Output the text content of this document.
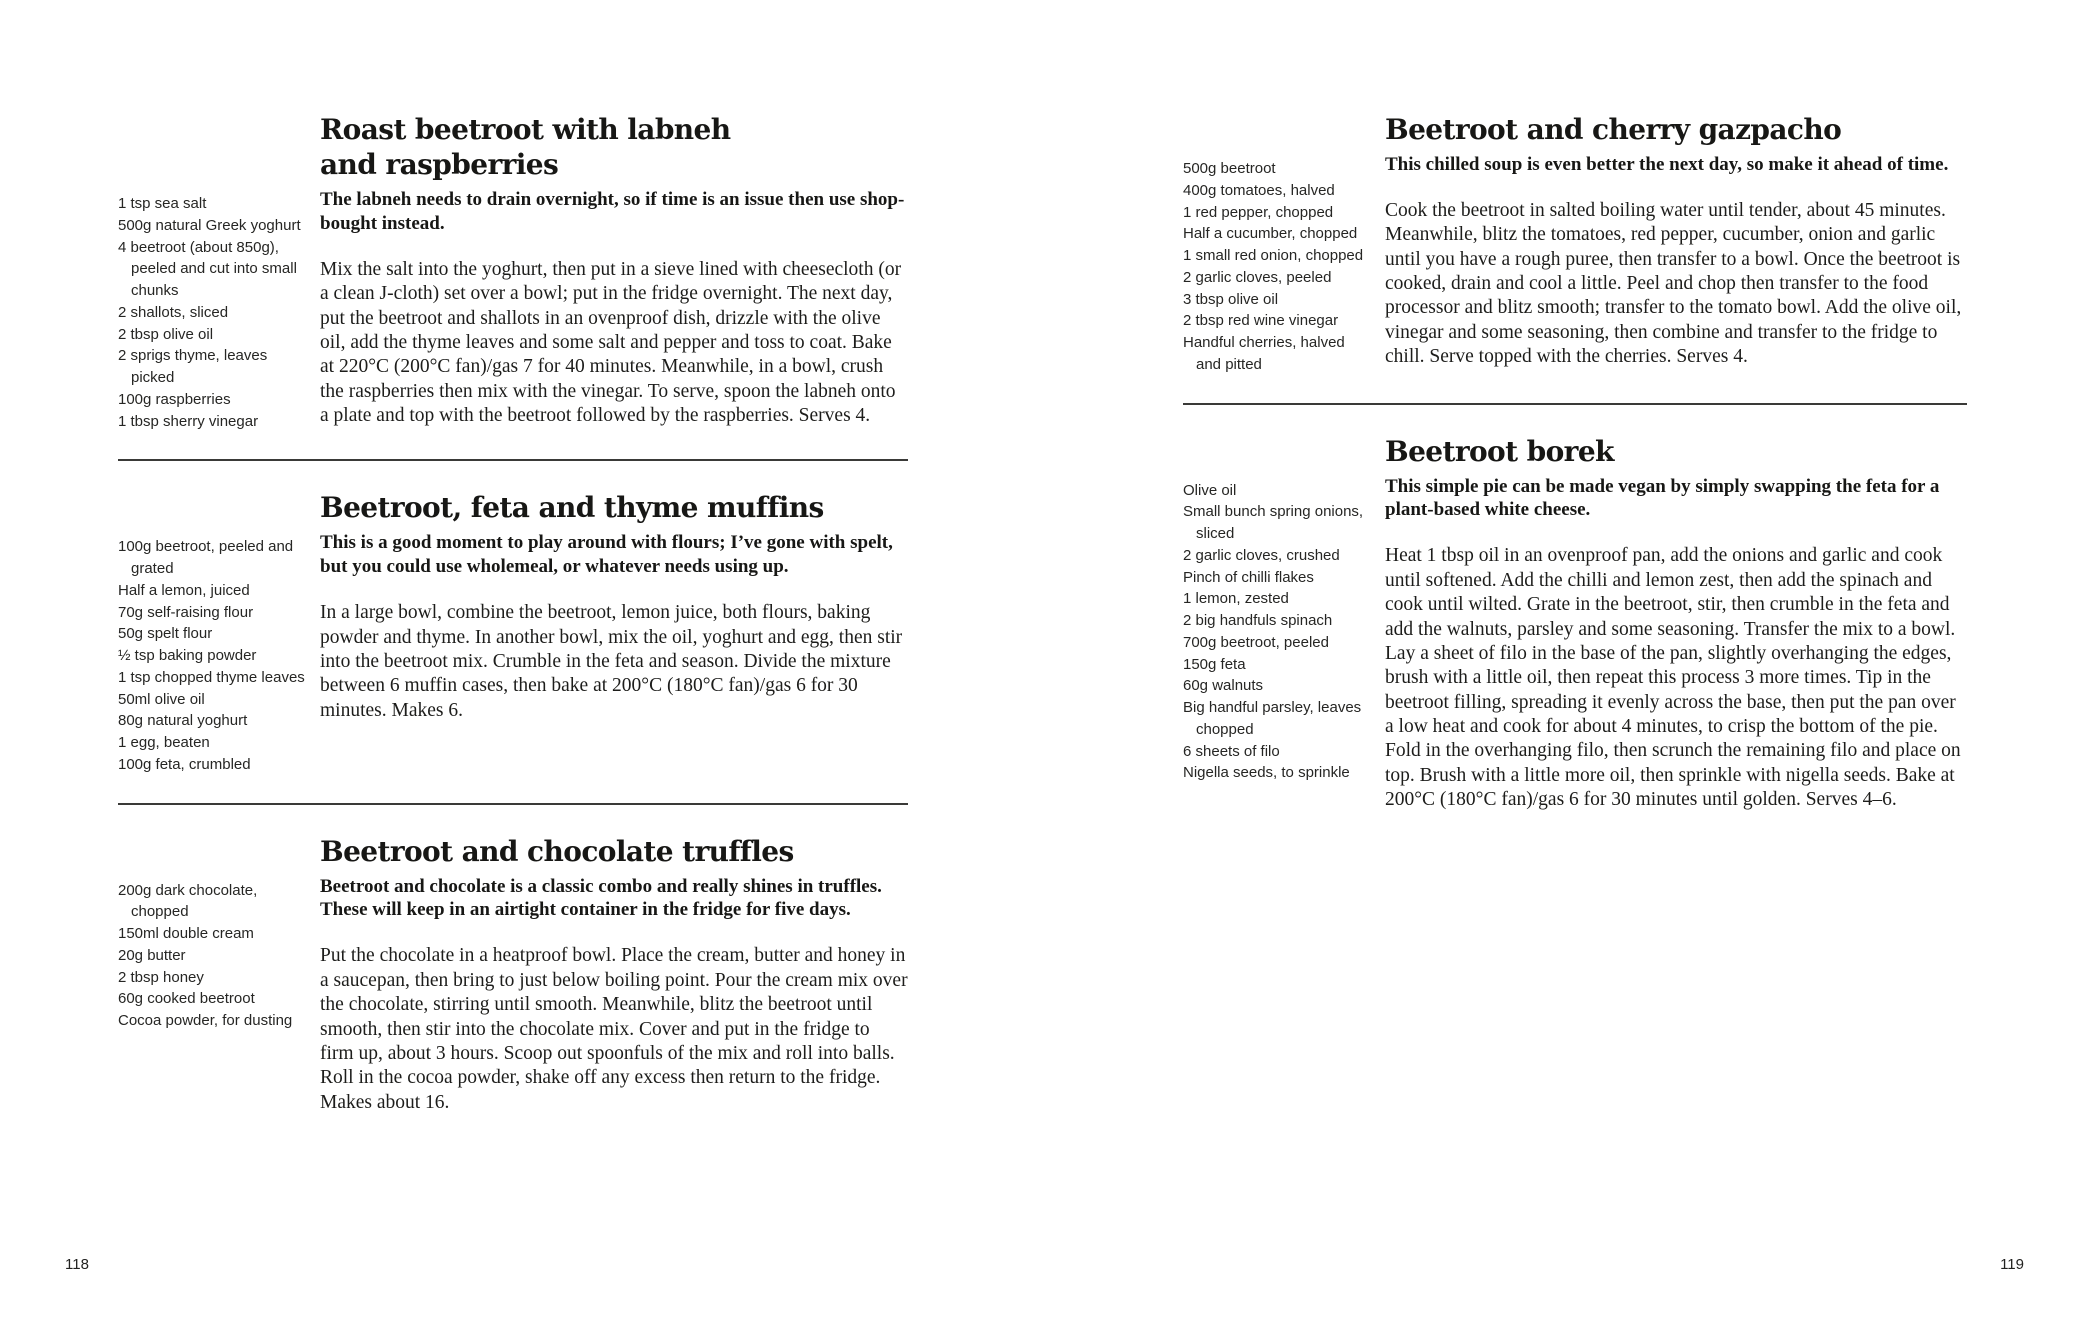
Roast beetroot with labneh
and raspberries
1 tsp sea salt
500g natural Greek yoghurt
4 beetroot (about 850g), peeled and cut into small chunks
2 shallots, sliced
2 tbsp olive oil
2 sprigs thyme, leaves picked
100g raspberries
1 tbsp sherry vinegar

The labneh needs to drain overnight, so if time is an issue then use shop-bought instead.

Mix the salt into the yoghurt, then put in a sieve lined with cheesecloth (or a clean J-cloth) set over a bowl; put in the fridge overnight. The next day, put the beetroot and shallots in an ovenproof dish, drizzle with the olive oil, add the thyme leaves and some salt and pepper and toss to coat. Bake at 220°C (200°C fan)/gas 7 for 40 minutes. Meanwhile, in a bowl, crush the raspberries then mix with the vinegar. To serve, spoon the labneh onto a plate and top with the beetroot followed by the raspberries. Serves 4.

Beetroot, feta and thyme muffins
100g beetroot, peeled and grated
Half a lemon, juiced
70g self-raising flour
50g spelt flour
½ tsp baking powder
1 tsp chopped thyme leaves
50ml olive oil
80g natural yoghurt
1 egg, beaten
100g feta, crumbled

This is a good moment to play around with flours; I’ve gone with spelt, but you could use wholemeal, or whatever needs using up.

In a large bowl, combine the beetroot, lemon juice, both flours, baking powder and thyme. In another bowl, mix the oil, yoghurt and egg, then stir into the beetroot mix. Crumble in the feta and season. Divide the mixture between 6 muffin cases, then bake at 200°C (180°C fan)/gas 6 for 30 minutes. Makes 6.

Beetroot and chocolate truffles
200g dark chocolate, chopped
150ml double cream
20g butter
2 tbsp honey
60g cooked beetroot
Cocoa powder, for dusting

Beetroot and chocolate is a classic combo and really shines in truffles. These will keep in an airtight container in the fridge for five days.

Put the chocolate in a heatproof bowl. Place the cream, butter and honey in a saucepan, then bring to just below boiling point. Pour the cream mix over the chocolate, stirring until smooth. Meanwhile, blitz the beetroot until smooth, then stir into the chocolate mix. Cover and put in the fridge to firm up, about 3 hours. Scoop out spoonfuls of the mix and roll into balls. Roll in the cocoa powder, shake off any excess then return to the fridge. Makes about 16.

Beetroot and cherry gazpacho
500g beetroot
400g tomatoes, halved
1 red pepper, chopped
Half a cucumber, chopped
1 small red onion, chopped
2 garlic cloves, peeled
3 tbsp olive oil
2 tbsp red wine vinegar
Handful cherries, halved and pitted

This chilled soup is even better the next day, so make it ahead of time.

Cook the beetroot in salted boiling water until tender, about 45 minutes. Meanwhile, blitz the tomatoes, red pepper, cucumber, onion and garlic until you have a rough puree, then transfer to a bowl. Once the beetroot is cooked, drain and cool a little. Peel and chop then transfer to the food processor and blitz smooth; transfer to the tomato bowl. Add the olive oil, vinegar and some seasoning, then combine and transfer to the fridge to chill. Serve topped with the cherries. Serves 4.

Beetroot borek
Olive oil
Small bunch spring onions, sliced
2 garlic cloves, crushed
Pinch of chilli flakes
1 lemon, zested
2 big handfuls spinach
700g beetroot, peeled
150g feta
60g walnuts
Big handful parsley, leaves chopped
6 sheets of filo
Nigella seeds, to sprinkle

This simple pie can be made vegan by simply swapping the feta for a plant-based white cheese.

Heat 1 tbsp oil in an ovenproof pan, add the onions and garlic and cook until softened. Add the chilli and lemon zest, then add the spinach and cook until wilted. Grate in the beetroot, stir, then crumble in the feta and add the walnuts, parsley and some seasoning. Transfer the mix to a bowl. Lay a sheet of filo in the base of the pan, slightly overhanging the edges, brush with a little oil, then repeat this process 3 more times. Tip in the beetroot filling, spreading it evenly across the base, then put the pan over a low heat and cook for about 4 minutes, to crisp the bottom of the pie. Fold in the overhanging filo, then scrunch the remaining filo and place on top. Brush with a little more oil, then sprinkle with nigella seeds. Bake at 200°C (180°C fan)/gas 6 for 30 minutes until golden. Serves 4–6.

118	119
